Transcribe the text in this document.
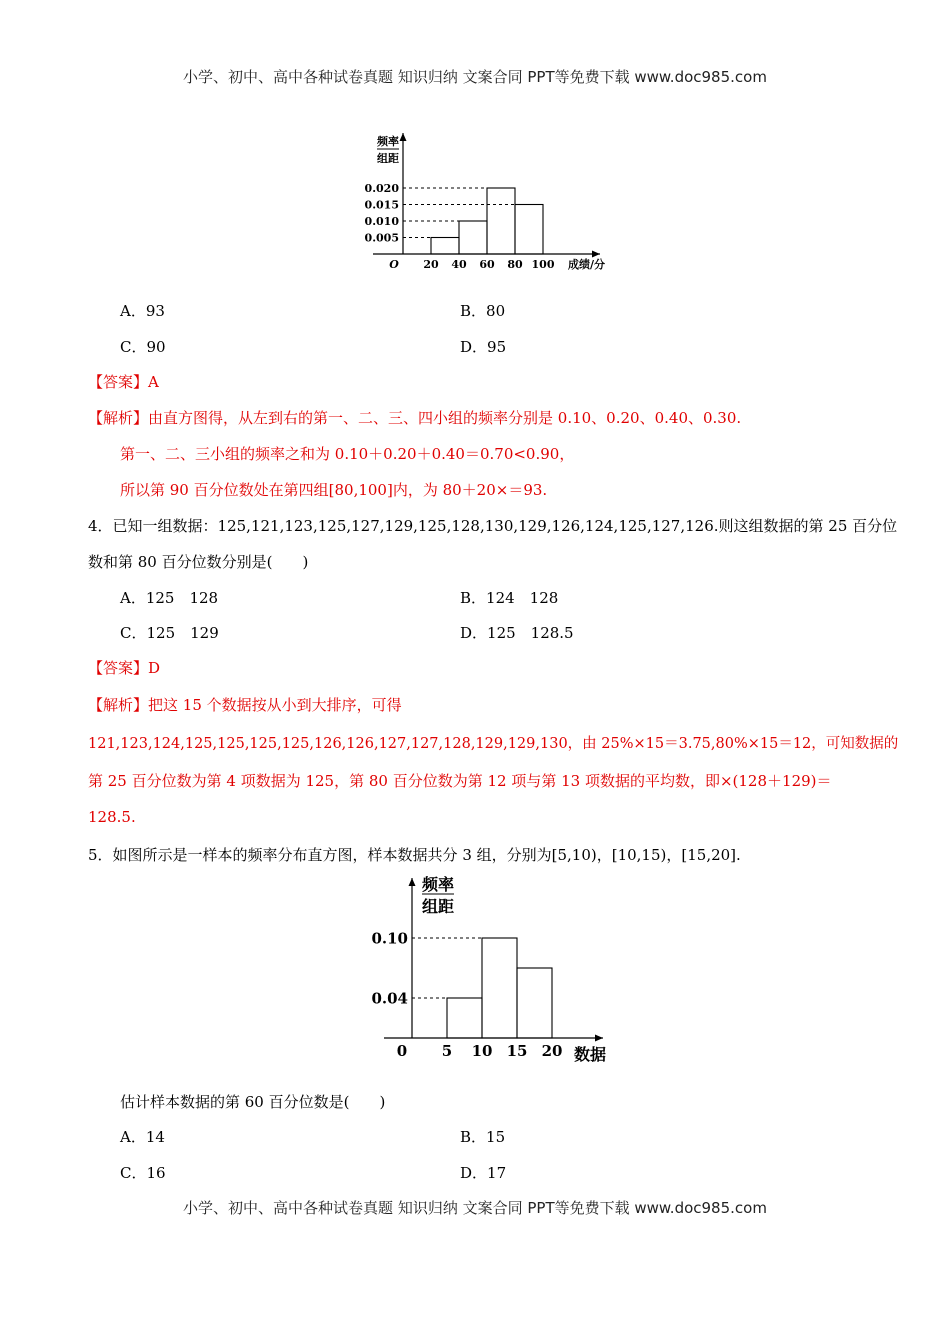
小学、初中、高中各种试卷真题 知识归纳 文案合同 PPT等免费下载 www.doc985.com
频率
组距
O
0.005
0.010
0.015
0.020
20 40 60 80 100 成绩/分
A．93	B．80
C．90	D．95
【答案】A
【解析】由直方图得，从左到右的第一、二、三、四小组的频率分别是 0.10、0.20、0.40、0.30.
第一、二、三小组的频率之和为 0.10＋0.20＋0.40＝0.70<0.90，
所以第 90 百分位数处在第四组[80,100]内，为 80＋20×＝93.
4．已知一组数据：125,121,123,125,127,129,125,128,130,129,126,124,125,127,126.则这组数据的第 25 百分位
数和第 80 百分位数分别是(　　)
A．125　128	B．124　128
C．125　129	D．125　128.5
【答案】D
【解析】把这 15 个数据按从小到大排序，可得
121,123,124,125,125,125,125,126,126,127,127,128,129,129,130，由 25%×15＝3.75,80%×15＝12，可知数据的
第 25 百分位数为第 4 项数据为 125，第 80 百分位数为第 12 项与第 13 项数据的平均数，即×(128＋129)＝
128.5.
5．如图所示是一样本的频率分布直方图，样本数据共分 3 组，分别为[5,10)，[10,15)，[15,20].
频率
组距
0
0.04
0.10
5 10 15 20 数据
估计样本数据的第 60 百分位数是(　　)
A．14	B．15
C．16	D．17
小学、初中、高中各种试卷真题 知识归纳 文案合同 PPT等免费下载 www.doc985.com
